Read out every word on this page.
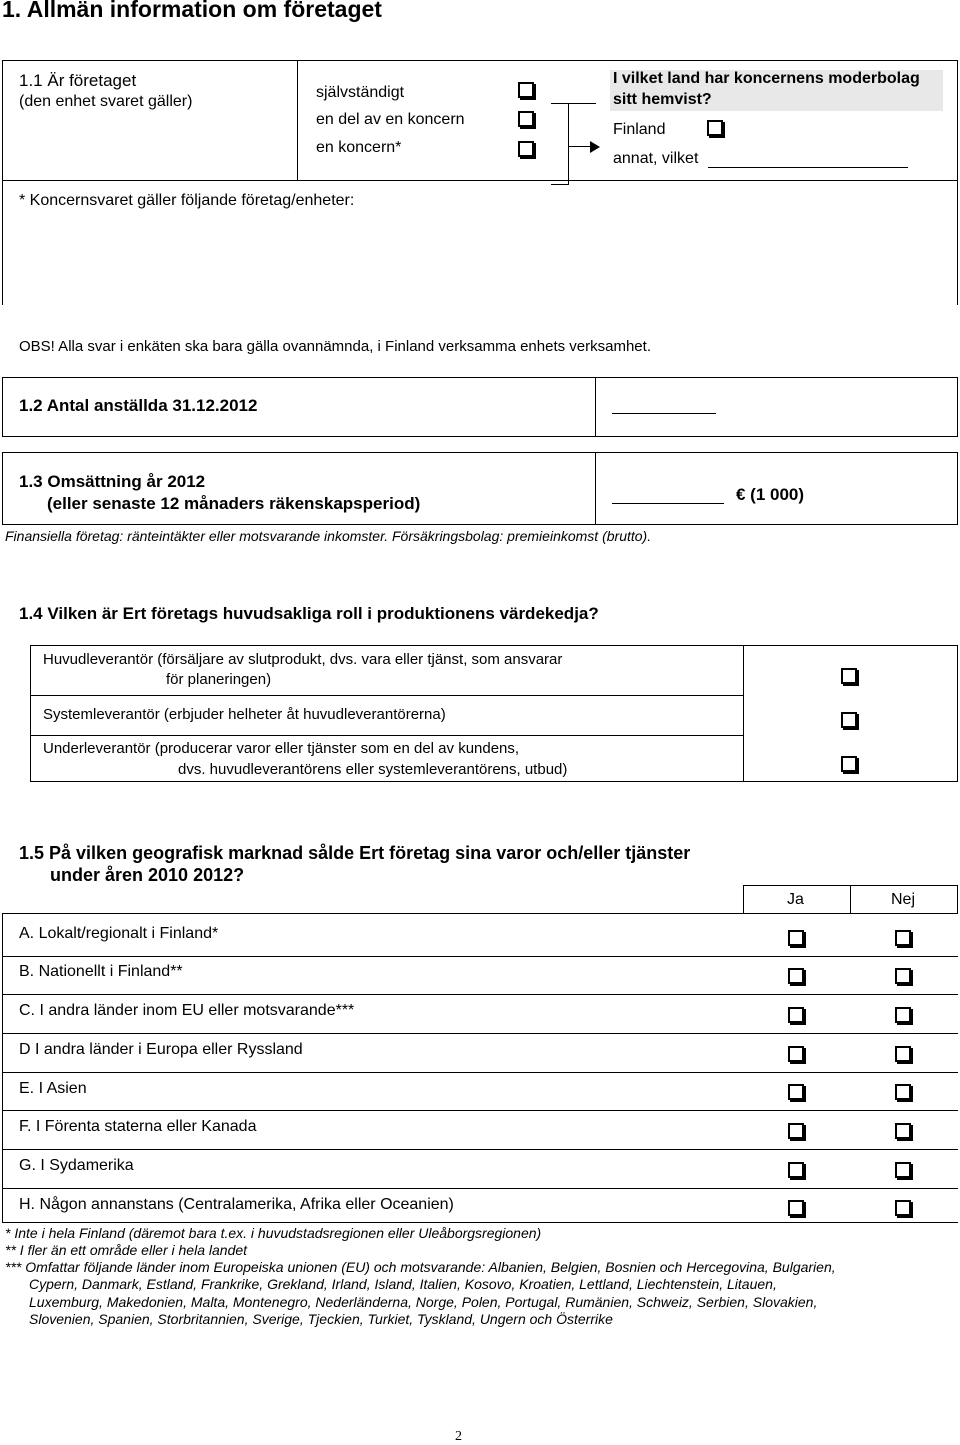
1. Allmän information om företaget
1.1 Är företaget
(den enhet svaret gäller)
självständigt
en del av en koncern
en koncern*
I vilket land har koncernens moderbolag
sitt hemvist?
Finland
annat, vilket
* Koncernsvaret gäller följande företag/enheter:
OBS! Alla svar i enkäten ska bara gälla ovannämnda, i Finland verksamma enhets verksamhet.
1.2 Antal anställda 31.12.2012
1.3 Omsättning år 2012
(eller senaste 12 månaders räkenskapsperiod)	€ (1 000)
Finansiella företag: ränteintäkter eller motsvarande inkomster. Försäkringsbolag: premieinkomst (brutto).
1.4 Vilken är Ert företags huvudsakliga roll i produktionens värdekedja?
Huvudleverantör (försäljare av slutprodukt, dvs. vara eller tjänst, som ansvarar
för planeringen)
Systemleverantör (erbjuder helheter åt huvudleverantörerna)
Underleverantör (producerar varor eller tjänster som en del av kundens,
dvs. huvudleverantörens eller systemleverantörens, utbud)
1.5 På vilken geografisk marknad sålde Ert företag sina varor och/eller tjänster
under åren 2010 2012?
Ja	Nej
A. Lokalt/regionalt i Finland*
B. Nationellt i Finland**
C. I andra länder inom EU eller motsvarande***
D I andra länder i Europa eller Ryssland
E. I Asien
F. I Förenta staterna eller Kanada
G. I Sydamerika
H. Någon annanstans (Centralamerika, Afrika eller Oceanien)
* Inte i hela Finland (däremot bara t.ex. i huvudstadsregionen eller Uleåborgsregionen)
** I fler än ett område eller i hela landet
*** Omfattar följande länder inom Europeiska unionen (EU) och motsvarande: Albanien, Belgien, Bosnien och Hercegovina, Bulgarien,
Cypern, Danmark, Estland, Frankrike, Grekland, Irland, Island, Italien, Kosovo, Kroatien, Lettland, Liechtenstein, Litauen,
Luxemburg, Makedonien, Malta, Montenegro, Nederländerna, Norge, Polen, Portugal, Rumänien, Schweiz, Serbien, Slovakien,
Slovenien, Spanien, Storbritannien, Sverige, Tjeckien, Turkiet, Tyskland, Ungern och Österrike
2
